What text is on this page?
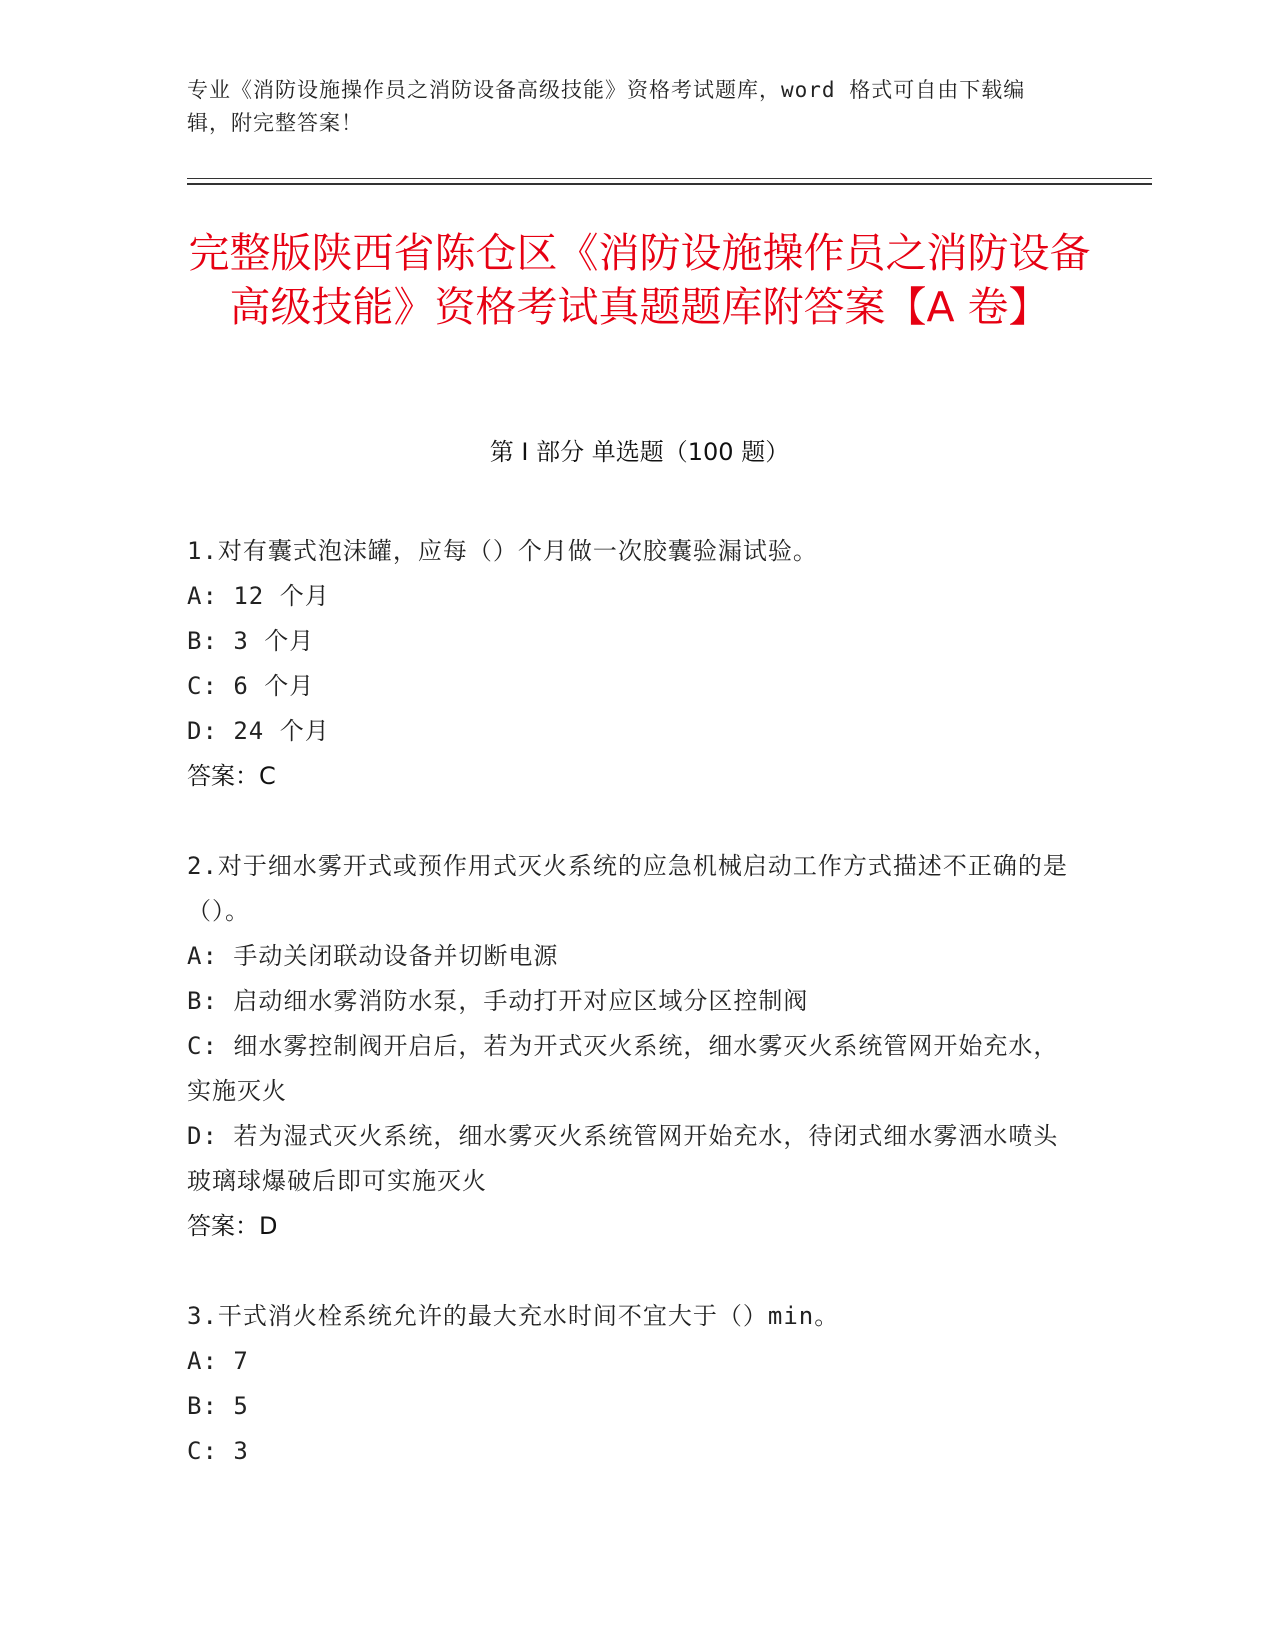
专业《消防设施操作员之消防设备高级技能》资格考试题库，word 格式可自由下载编辑，附完整答案！
完整版陕西省陈仓区《消防设施操作员之消防设备高级技能》资格考试真题题库附答案【A 卷】
第 I 部分 单选题（100 题）

1.对有囊式泡沫罐，应每（）个月做一次胶囊验漏试验。

A: 12 个月

B: 3 个月

C: 6 个月

D: 24 个月

答案：C

2.对于细水雾开式或预作用式灭火系统的应急机械启动工作方式描述不正确的是（）。

A: 手动关闭联动设备并切断电源

B: 启动细水雾消防水泵，手动打开对应区域分区控制阀

C: 细水雾控制阀开启后，若为开式灭火系统，细水雾灭火系统管网开始充水，实施灭火

D: 若为湿式灭火系统，细水雾灭火系统管网开始充水，待闭式细水雾洒水喷头玻璃球爆破后即可实施灭火

答案：D

3.干式消火栓系统允许的最大充水时间不宜大于（）min。

A: 7

B: 5

C: 3
